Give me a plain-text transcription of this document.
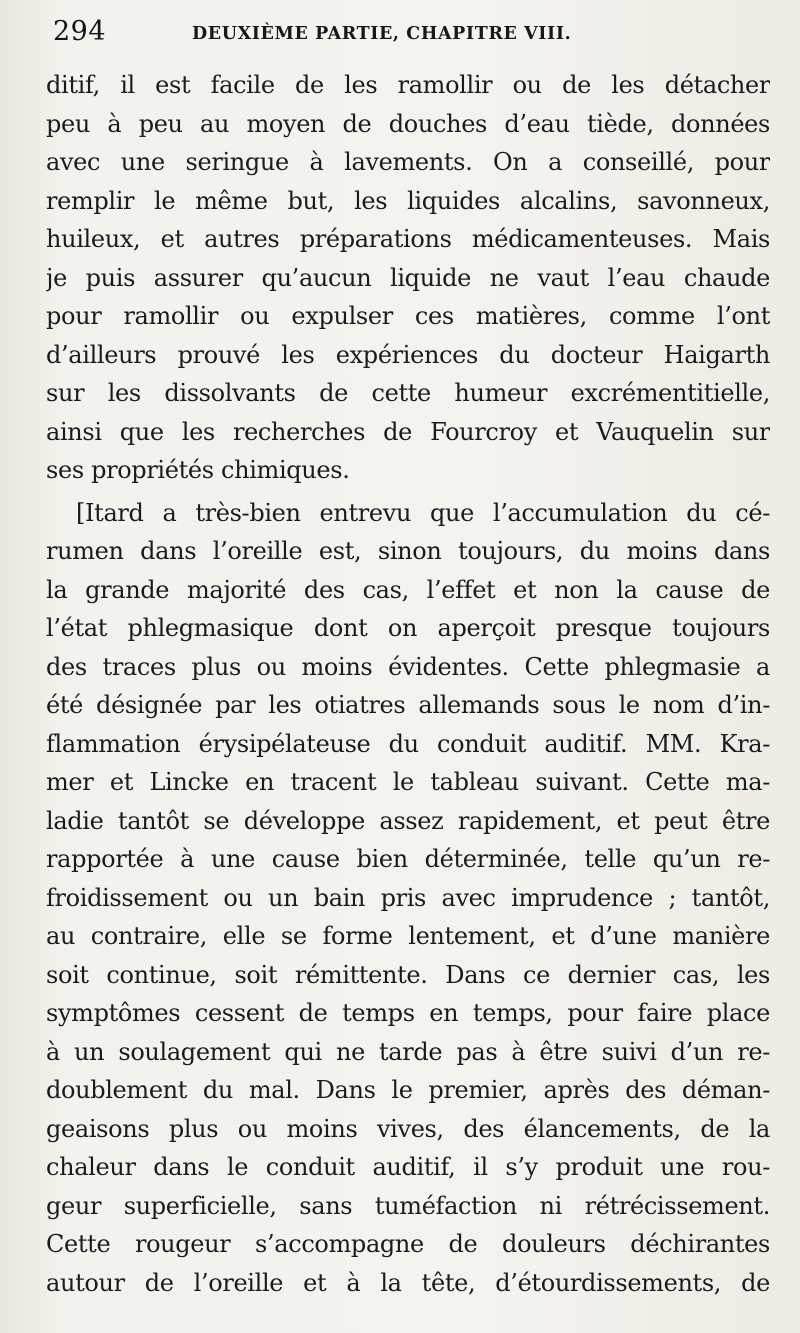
294	DEUXIÈME PARTIE, CHAPITRE VIII.
ditif, il est facile de les ramollir ou de les détacher
peu à peu au moyen de douches d’eau tiède, données
avec une seringue à lavements. On a conseillé, pour
remplir le même but, les liquides alcalins, savonneux,
huileux, et autres préparations médicamenteuses. Mais
je puis assurer qu’aucun liquide ne vaut l’eau chaude
pour ramollir ou expulser ces matières, comme l’ont
d’ailleurs prouvé les expériences du docteur Haigarth
sur les dissolvants de cette humeur excrémentitielle,
ainsi que les recherches de Fourcroy et Vauquelin sur
ses propriétés chimiques.
[Itard a très-bien entrevu que l’accumulation du cé-
rumen dans l’oreille est, sinon toujours, du moins dans
la grande majorité des cas, l’effet et non la cause de
l’état phlegmasique dont on aperçoit presque toujours
des traces plus ou moins évidentes. Cette phlegmasie a
été désignée par les otiatres allemands sous le nom d’in-
flammation érysipélateuse du conduit auditif. MM. Kra-
mer et Lincke en tracent le tableau suivant. Cette ma-
ladie tantôt se développe assez rapidement, et peut être
rapportée à une cause bien déterminée, telle qu’un re-
froidissement ou un bain pris avec imprudence ; tantôt,
au contraire, elle se forme lentement, et d’une manière
soit continue, soit rémittente. Dans ce dernier cas, les
symptômes cessent de temps en temps, pour faire place
à un soulagement qui ne tarde pas à être suivi d’un re-
doublement du mal. Dans le premier, après des déman-
geaisons plus ou moins vives, des élancements, de la
chaleur dans le conduit auditif, il s’y produit une rou-
geur superficielle, sans tuméfaction ni rétrécissement.
Cette rougeur s’accompagne de douleurs déchirantes
autour de l’oreille et à la tête, d’étourdissements, de
